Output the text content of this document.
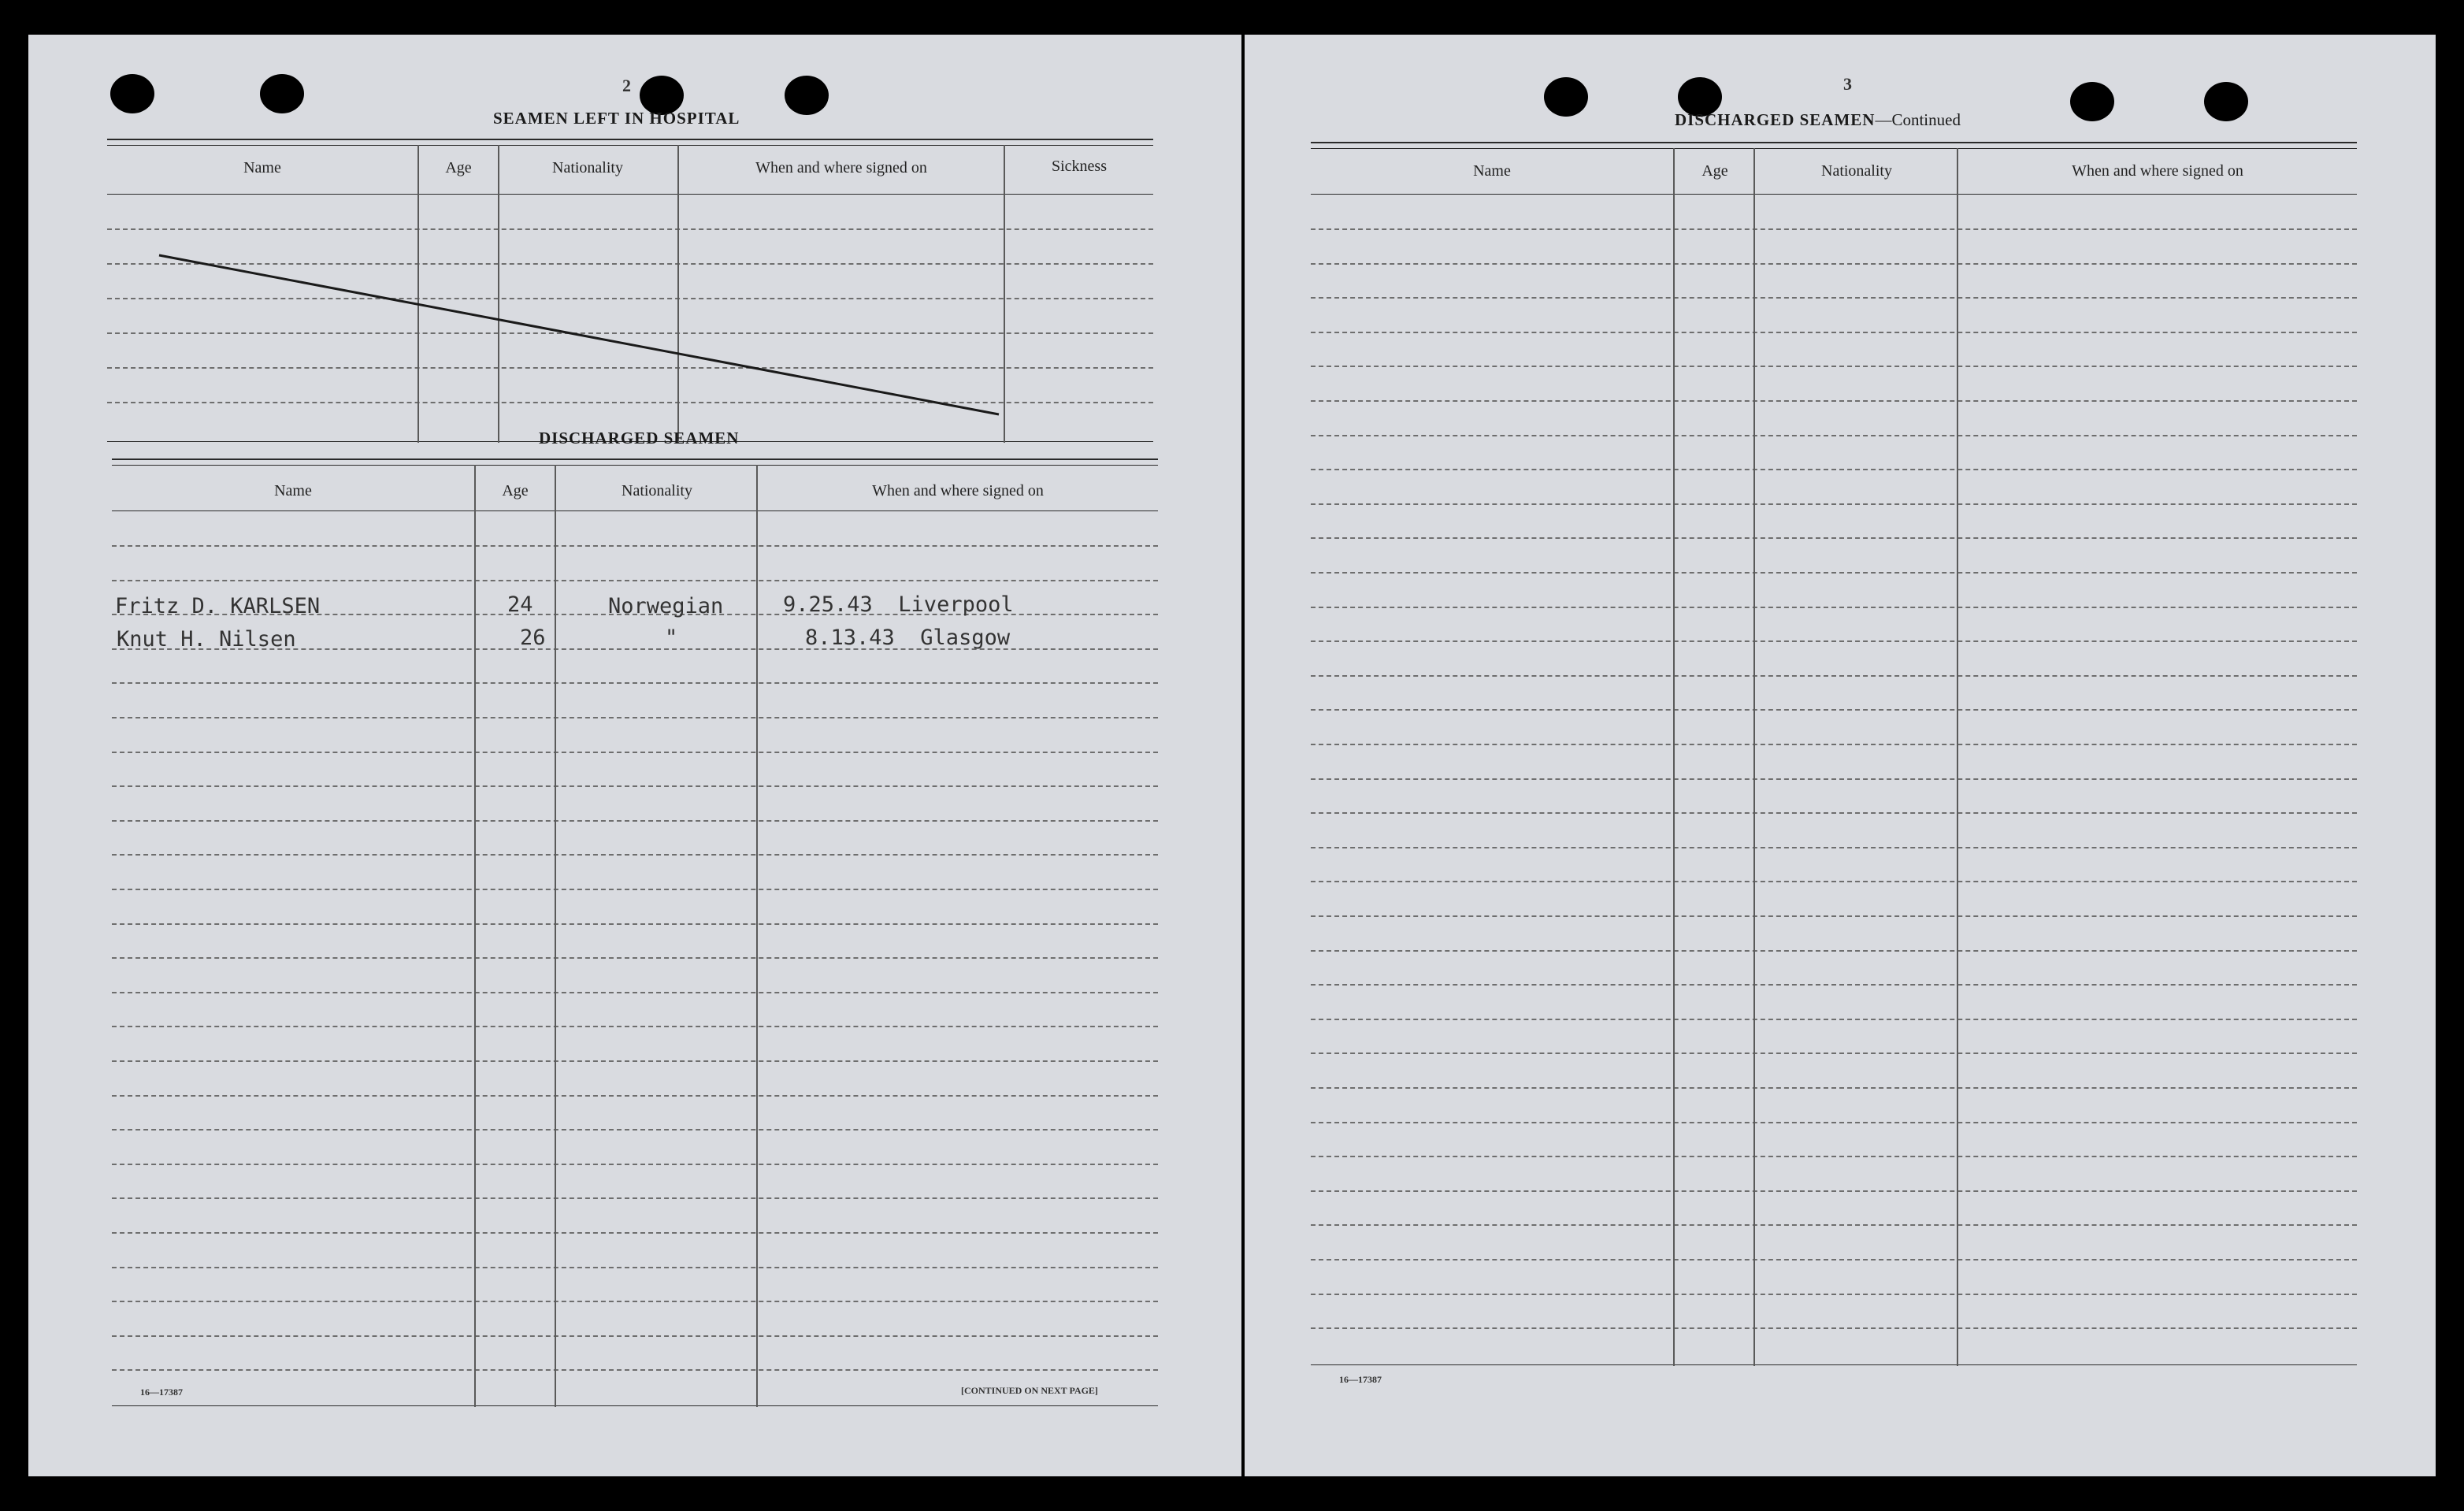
2
SEAMEN LEFT IN HOSPITAL
Name	Age	Nationality	When and where signed on	Sickness
DISCHARGED SEAMEN
Name	Age	Nationality	When and where signed on
Fritz D. KARLSEN	24	Norwegian	9.25.43  Liverpool
Knut H. Nilsen	26	"	8.13.43  Glasgow
16—17387	[CONTINUED ON NEXT PAGE]
3
DISCHARGED SEAMEN—Continued
Name	Age	Nationality	When and where signed on
16—17387
